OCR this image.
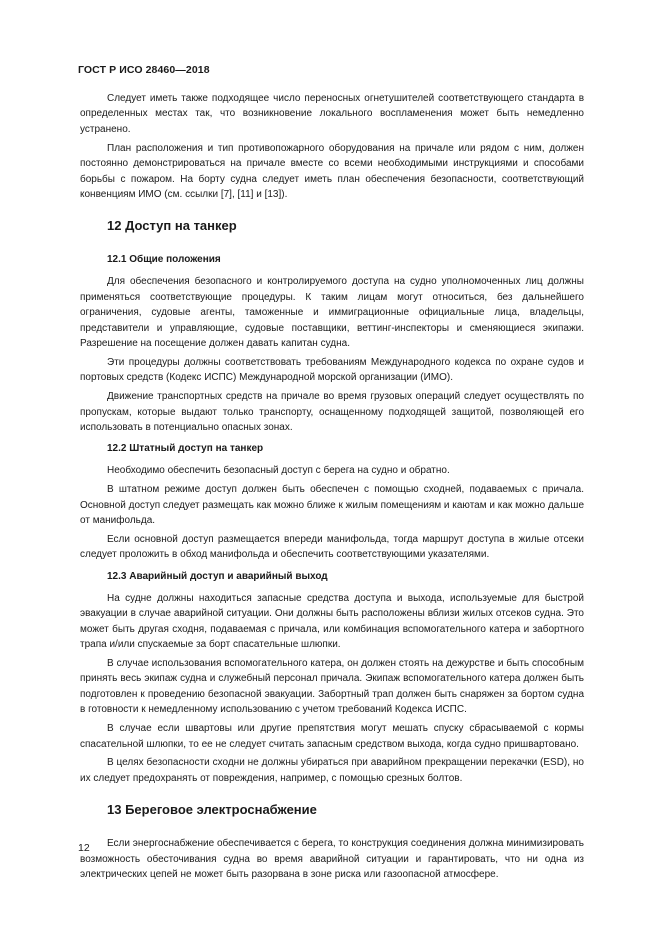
ГОСТ Р ИСО 28460—2018

Следует иметь также подходящее число переносных огнетушителей соответствующего стандарта в определенных местах так, что возникновение локального воспламенения может быть немедленно устранено.

План расположения и тип противопожарного оборудования на причале или рядом с ним, должен постоянно демонстрироваться на причале вместе со всеми необходимыми инструкциями и способами борьбы с пожаром. На борту судна следует иметь план обеспечения безопасности, соответствующий конвенциям ИМО (см. ссылки [7], [11] и [13]).

12 Доступ на танкер
12.1 Общие положения

Для обеспечения безопасного и контролируемого доступа на судно уполномоченных лиц должны применяться соответствующие процедуры. К таким лицам могут относиться, без дальнейшего ограничения, судовые агенты, таможенные и иммиграционные официальные лица, владельцы, представители и управляющие, судовые поставщики, веттинг-инспекторы и сменяющиеся экипажи. Разрешение на посещение должен давать капитан судна.

Эти процедуры должны соответствовать требованиям Международного кодекса по охране судов и портовых средств (Кодекс ИСПС) Международной морской организации (ИМО).

Движение транспортных средств на причале во время грузовых операций следует осуществлять по пропускам, которые выдают только транспорту, оснащенному подходящей защитой, позволяющей его использовать в потенциально опасных зонах.

12.2 Штатный доступ на танкер

Необходимо обеспечить безопасный доступ с берега на судно и обратно.

В штатном режиме доступ должен быть обеспечен с помощью сходней, подаваемых с причала. Основной доступ следует размещать как можно ближе к жилым помещениям и каютам и как можно дальше от манифольда.

Если основной доступ размещается впереди манифольда, тогда маршрут доступа в жилые отсеки следует проложить в обход манифольда и обеспечить соответствующими указателями.

12.3 Аварийный доступ и аварийный выход

На судне должны находиться запасные средства доступа и выхода, используемые для быстрой эвакуации в случае аварийной ситуации. Они должны быть расположены вблизи жилых отсеков судна. Это может быть другая сходня, подаваемая с причала, или комбинация вспомогательного катера и забортного трапа и/или спускаемые за борт спасательные шлюпки.

В случае использования вспомогательного катера, он должен стоять на дежурстве и быть способным принять весь экипаж судна и служебный персонал причала. Экипаж вспомогательного катера должен быть подготовлен к проведению безопасной эвакуации. Забортный трап должен быть снаряжен за бортом судна в готовности к немедленному использованию с учетом требований Кодекса ИСПС.

В случае если швартовы или другие препятствия могут мешать спуску сбрасываемой с кормы спасательной шлюпки, то ее не следует считать запасным средством выхода, когда судно пришвартовано.

В целях безопасности сходни не должны убираться при аварийном прекращении перекачки (ESD), но их следует предохранять от повреждения, например, с помощью срезных болтов.

13 Береговое электроснабжение

Если энергоснабжение обеспечивается с берега, то конструкция соединения должна минимизировать возможность обесточивания судна во время аварийной ситуации и гарантировать, что ни одна из электрических цепей не может быть разорвана в зоне риска или газоопасной атмосфере.

12
